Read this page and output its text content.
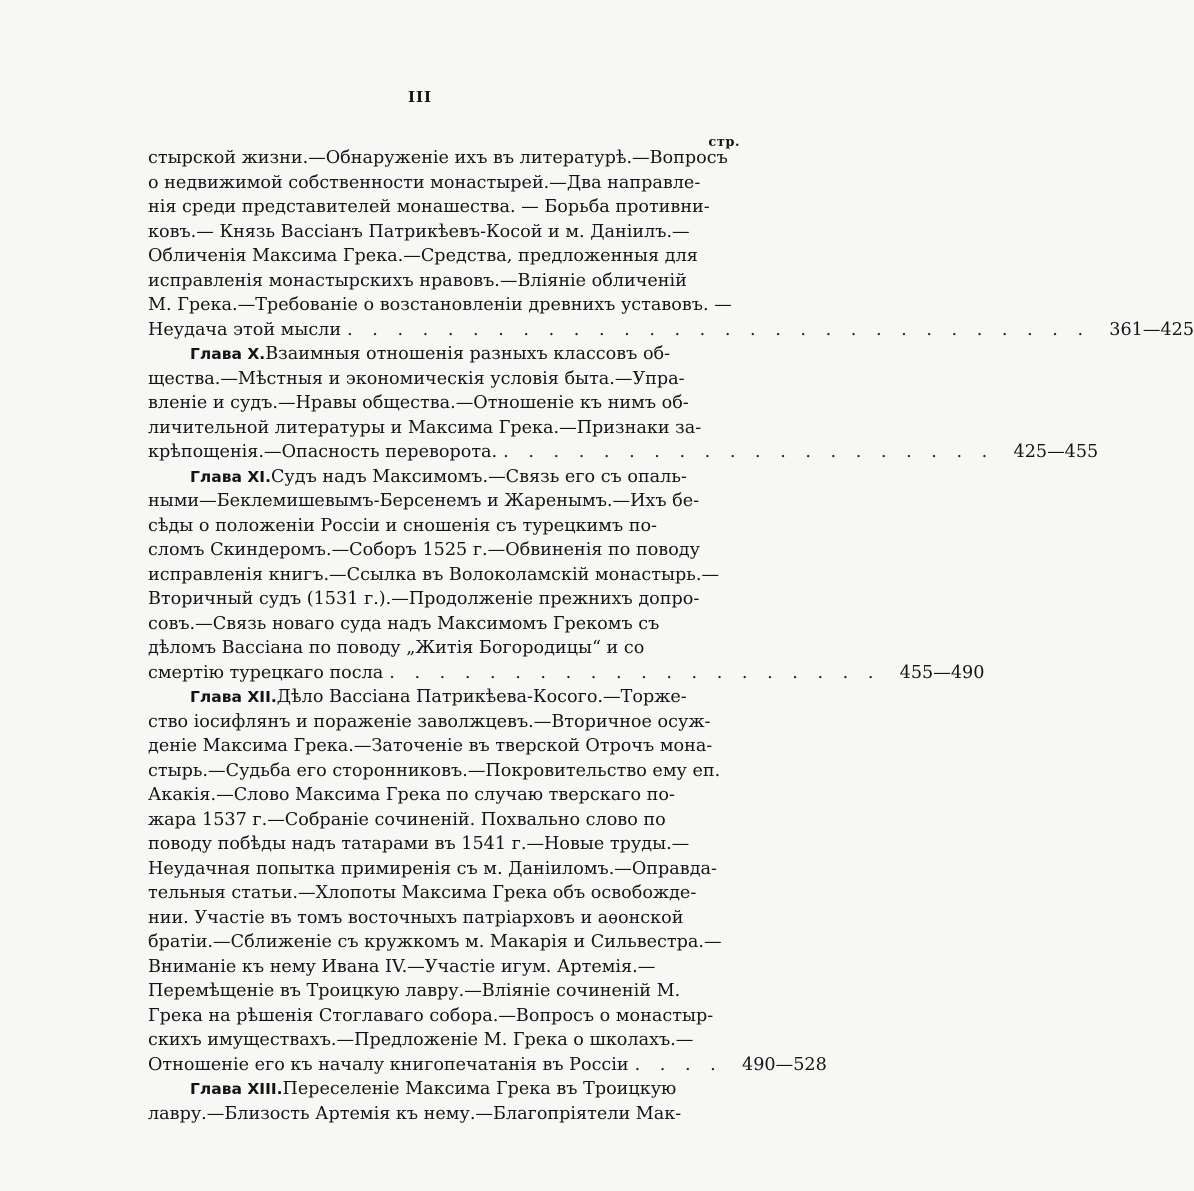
III
стр.
стырской жизни.—Обнаруженіе ихъ въ литературѣ.—Вопросъ
о недвижимой собственности монастырей.—Два направле-
нія среди представителей монашества. — Борьба противни-
ковъ.— Князь Вассіанъ Патрикѣевъ-Косой и м. Даніилъ.—
Обличенія Максима Грека.—Средства, предложенныя для
исправленія монастырскихъ нравовъ.—Вліяніе обличеній
М. Грека.—Требованіе о возстановленіи древнихъ уставовъ. —
Неудача этой мысли . . . . . . . . . . . . . . . . . . . . . . . . . . . . . .	361—425
Глава X. Взаимныя отношенія разныхъ классовъ об-
щества.—Мѣстныя и экономическія условія быта.—Упра-
вленіе и судъ.—Нравы общества.—Отношеніе къ нимъ об-
личительной литературы и Максима Грека.—Признаки за-
крѣпощенія.—Опасность переворота. . . . . . . . . . . . . . . . . . . . .	425—455
Глава XI. Судъ надъ Максимомъ.—Связь его съ опаль-
ными—Беклемишевымъ-Берсенемъ и Жаренымъ.—Ихъ бе-
сѣды о положеніи Россіи и сношенія съ турецкимъ по-
сломъ Скиндеромъ.—Соборъ 1525 г.—Обвиненія по поводу
исправленія книгъ.—Ссылка въ Волоколамскій монастырь.—
Вторичный судъ (1531 г.).—Продолженіе прежнихъ допро-
совъ.—Связь новаго суда надъ Максимомъ Грекомъ съ
дѣломъ Вассіана по поводу „Житія Богородицы“ и со
смертію турецкаго посла . . . . . . . . . . . . . . . . . . . .	455—490
Глава XII. Дѣло Вассіана Патрикѣева-Косого.—Торже-
ство іосифлянъ и пораженіе заволжцевъ.—Вторичное осуж-
деніе Максима Грека.—Заточеніе въ тверской Отрочъ мона-
стырь.—Судьба его сторонниковъ.—Покровительство ему еп.
Акакія.—Слово Максима Грека по случаю тверскаго по-
жара 1537 г.—Собраніе сочиненій. Похвально слово по
поводу побѣды надъ татарами въ 1541 г.—Новые труды.—
Неудачная попытка примиренія съ м. Даніиломъ.—Оправда-
тельныя статьи.—Хлопоты Максима Грека объ освобожде-
нии. Участіе въ томъ восточныхъ патріарховъ и аѳонской
братіи.—Сближеніе съ кружкомъ м. Макарія и Сильвестра.—
Вниманіе къ нему Ивана IV.—Участіе игум. Артемія.—
Перемѣщеніе въ Троицкую лавру.—Вліяніе сочиненій М.
Грека на рѣшенія Стоглаваго собора.—Вопросъ о монастыр-
скихъ имуществахъ.—Предложеніе М. Грека о школахъ.—
Отношеніе его къ началу книгопечатанія въ Россіи . . . .	490—528
Глава XIII. Переселеніе Максима Грека въ Троицкую
лавру.—Близость Артемія къ нему.—Благопріятели Мак-
